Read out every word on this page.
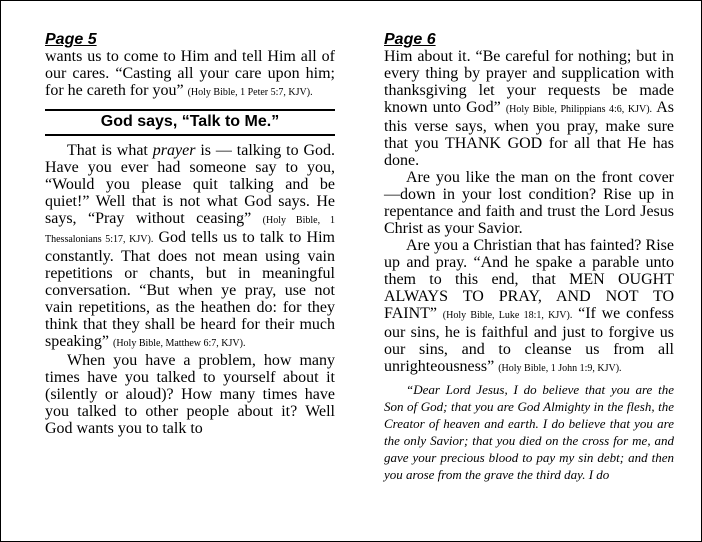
Page 5

wants us to come to Him and tell Him all of our cares. “Casting all your care upon him; for he careth for you” (Holy Bible, 1 Peter 5:7, KJV).

God says, “Talk to Me.”

That is what prayer is — talking to God. Have you ever had someone say to you, “Would you please quit talking and be quiet!” Well that is not what God says. He says, “Pray without ceasing” (Holy Bible, 1 Thessalonians 5:17, KJV). God tells us to talk to Him constantly. That does not mean using vain repetitions or chants, but in meaningful conversation. “But when ye pray, use not vain repetitions, as the heathen do: for they think that they shall be heard for their much speaking” (Holy Bible, Matthew 6:7, KJV).

When you have a problem, how many times have you talked to yourself about it (silently or aloud)? How many times have you talked to other people about it? Well God wants you to talk to

Page 6

Him about it. “Be careful for nothing; but in every thing by prayer and supplication with thanksgiving let your requests be made known unto God” (Holy Bible, Philippians 4:6, KJV). As this verse says, when you pray, make sure that you THANK GOD for all that He has done.

Are you like the man on the front cover—down in your lost condition? Rise up in repentance and faith and trust the Lord Jesus Christ as your Savior.

Are you a Christian that has fainted? Rise up and pray. “And he spake a parable unto them to this end, that MEN OUGHT ALWAYS TO PRAY, AND NOT TO FAINT” (Holy Bible, Luke 18:1, KJV). “If we confess our sins, he is faithful and just to forgive us our sins, and to cleanse us from all unrighteousness” (Holy Bible, 1 John 1:9, KJV).

“Dear Lord Jesus, I do believe that you are the Son of God; that you are God Almighty in the flesh, the Creator of heaven and earth. I do believe that you are the only Savior; that you died on the cross for me, and gave your precious blood to pay my sin debt; and then you arose from the grave the third day. I do
